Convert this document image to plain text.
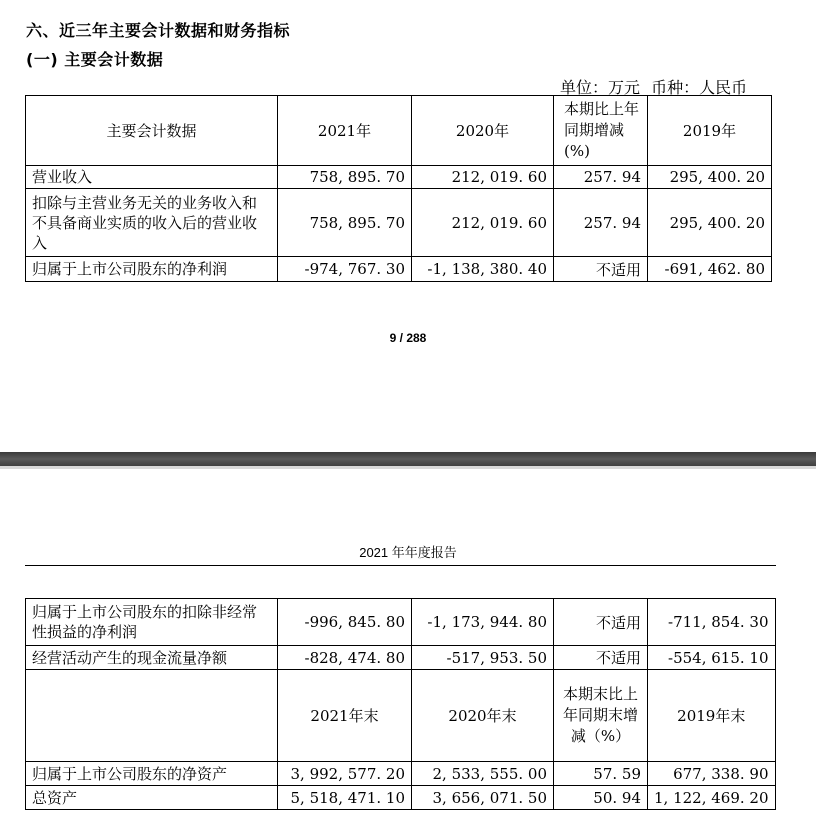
六、近三年主要会计数据和财务指标
(一) 主要会计数据
单位：万元 币种：人民币
主要会计数据	2021年	2020年	本期比上年同期增减(%)	2019年
营业收入	758, 895. 70	212, 019. 60	257. 94	295, 400. 20
扣除与主营业务无关的业务收入和不具备商业实质的收入后的营业收入	758, 895. 70	212, 019. 60	257. 94	295, 400. 20
归属于上市公司股东的净利润	-974, 767. 30	-1, 138, 380. 40	不适用	-691, 462. 80
9 / 288
2021 年年度报告
归属于上市公司股东的扣除非经常性损益的净利润	-996, 845. 80	-1, 173, 944. 80	不适用	-711, 854. 30
经营活动产生的现金流量净额	-828, 474. 80	-517, 953. 50	不适用	-554, 615. 10
	2021年末	2020年末	本期末比上年同期末增减（%）	2019年末
归属于上市公司股东的净资产	3, 992, 577. 20	2, 533, 555. 00	57. 59	677, 338. 90
总资产	5, 518, 471. 10	3, 656, 071. 50	50. 94	1, 122, 469. 20
